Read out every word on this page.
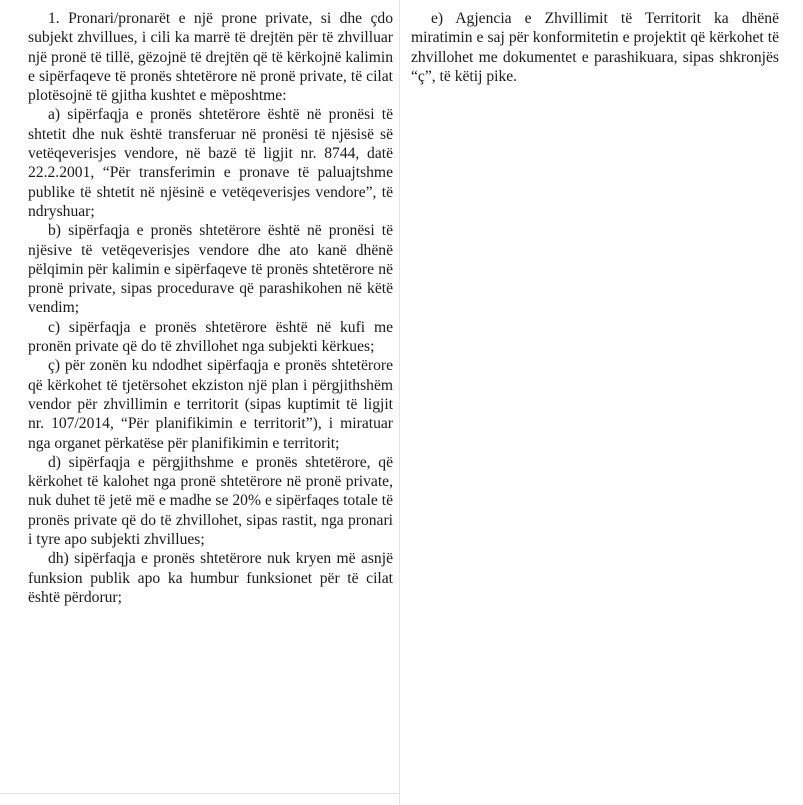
1. Pronari/pronarët e një prone private, si dhe çdo subjekt zhvillues, i cili ka marrë të drejtën për të zhvilluar një pronë të tillë, gëzojnë të drejtën që të kërkojnë kalimin e sipërfaqeve të pronës shtetërore në pronë private, të cilat plotësojnë të gjitha kushtet e mëposhtme:

a) sipërfaqja e pronës shtetërore është në pronësi të shtetit dhe nuk është transferuar në pronësi të njësisë së vetëqeverisjes vendore, në bazë të ligjit nr. 8744, datë 22.2.2001, “Për transferimin e pronave të paluajtshme publike të shtetit në njësinë e vetëqeverisjes vendore”, të ndryshuar;

b) sipërfaqja e pronës shtetërore është në pronësi të njësive të vetëqeverisjes vendore dhe ato kanë dhënë pëlqimin për kalimin e sipërfaqeve të pronës shtetërore në pronë private, sipas procedurave që parashikohen në këtë vendim;

c) sipërfaqja e pronës shtetërore është në kufi me pronën private që do të zhvillohet nga subjekti kërkues;

ç) për zonën ku ndodhet sipërfaqja e pronës shtetërore që kërkohet të tjetërsohet ekziston një plan i përgjithshëm vendor për zhvillimin e territorit (sipas kuptimit të ligjit nr. 107/2014, “Për planifikimin e territorit”), i miratuar nga organet përkatëse për planifikimin e territorit;

d) sipërfaqja e përgjithshme e pronës shtetërore, që kërkohet të kalohet nga pronë shtetërore në pronë private, nuk duhet të jetë më e madhe se 20% e sipërfaqes totale të pronës private që do të zhvillohet, sipas rastit, nga pronari i tyre apo subjekti zhvillues;

dh) sipërfaqja e pronës shtetërore nuk kryen më asnjë funksion publik apo ka humbur funksionet për të cilat është përdorur;

e) Agjencia e Zhvillimit të Territorit ka dhënë miratimin e saj për konformitetin e projektit që kërkohet të zhvillohet me dokumentet e parashikuara, sipas shkronjës “ç”, të këtij pike.
